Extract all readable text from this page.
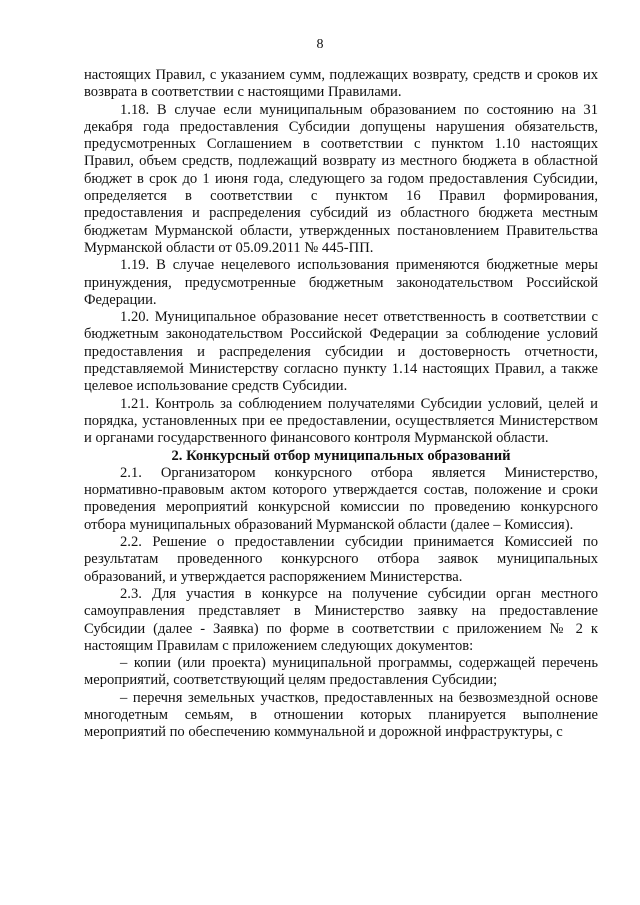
8

настоящих Правил, с указанием сумм, подлежащих возврату, средств и сроков их возврата в соответствии с настоящими Правилами.

1.18. В случае если муниципальным образованием по состоянию на 31 декабря года предоставления Субсидии допущены нарушения обязательств, предусмотренных Соглашением в соответствии с пунктом 1.10 настоящих Правил, объем средств, подлежащий возврату из местного бюджета в областной бюджет в срок до 1 июня года, следующего за годом предоставления Субсидии, определяется в соответствии с пунктом 16 Правил формирования, предоставления и распределения субсидий из областного бюджета местным бюджетам Мурманской области, утвержденных постановлением Правительства Мурманской области от 05.09.2011 № 445-ПП.

1.19. В случае нецелевого использования применяются бюджетные меры принуждения, предусмотренные бюджетным законодательством Российской Федерации.

1.20. Муниципальное образование несет ответственность в соответствии с бюджетным законодательством Российской Федерации за соблюдение условий предоставления и распределения субсидии и достоверность отчетности, представляемой Министерству согласно пункту 1.14 настоящих Правил, а также целевое использование средств Субсидии.

1.21. Контроль за соблюдением получателями Субсидии условий, целей и порядка, установленных при ее предоставлении, осуществляется Министерством и органами государственного финансового контроля Мурманской области.

2. Конкурсный отбор муниципальных образований

2.1. Организатором конкурсного отбора является Министерство, нормативно-правовым актом которого утверждается состав, положение и сроки проведения мероприятий конкурсной комиссии по проведению конкурсного отбора муниципальных образований Мурманской области (далее – Комиссия).

2.2. Решение о предоставлении субсидии принимается Комиссией по результатам проведенного конкурсного отбора заявок муниципальных образований, и утверждается распоряжением Министерства.

2.3. Для участия в конкурсе на получение субсидии орган местного самоуправления представляет в Министерство заявку на предоставление Субсидии (далее - Заявка) по форме в соответствии с приложением № 2 к настоящим Правилам с приложением следующих документов:

– копии (или проекта) муниципальной программы, содержащей перечень мероприятий, соответствующий целям предоставления Субсидии;

– перечня земельных участков, предоставленных на безвозмездной основе многодетным семьям, в отношении которых планируется выполнение мероприятий по обеспечению коммунальной и дорожной инфраструктуры, с
